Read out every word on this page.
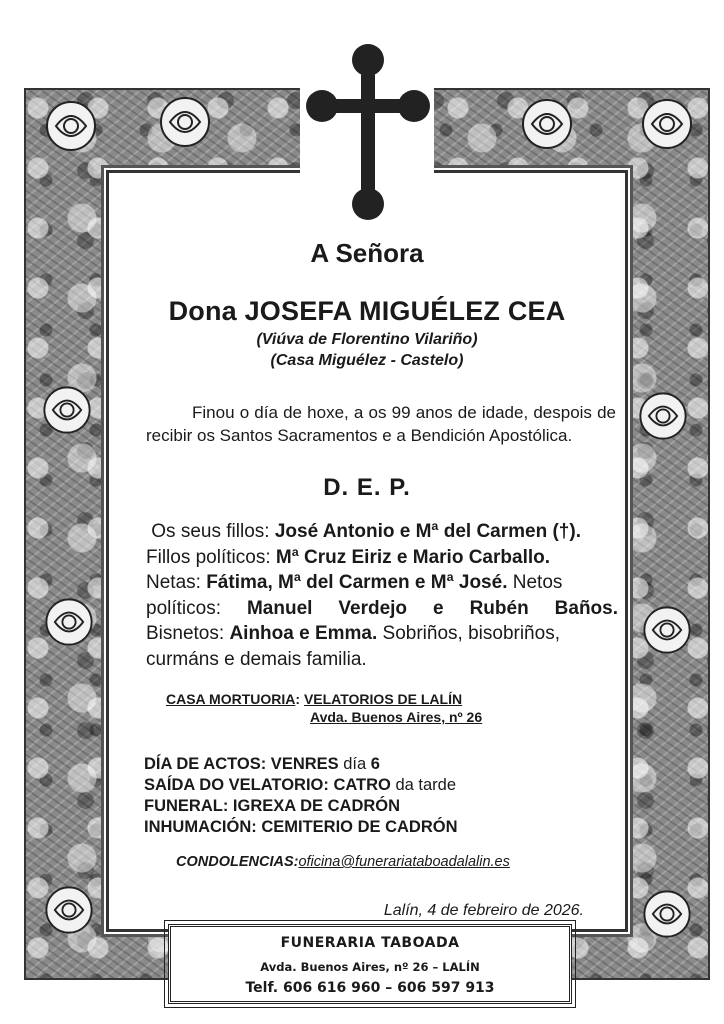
A Señora
Dona JOSEFA MIGUÉLEZ CEA
(Viúva de Florentino Vilariño)
(Casa Miguélez - Castelo)
Finou o día de hoxe, a os 99 anos de idade, despois de recibir os Santos Sacramentos e a Bendición Apostólica.
D. E. P.
Os seus fillos: José Antonio e Mª del Carmen (†).
Fillos políticos: Mª Cruz Eiriz e Mario Carballo.
Netas: Fátima, Mª del Carmen e Mª José. Netos
políticos: Manuel Verdejo e Rubén Baños.
Bisnetos: Ainhoa e Emma. Sobriños, bisobriños,
curmáns e demais familia.
CASA MORTUORIA: VELATORIOS DE LALÍN
Avda. Buenos Aires, nº 26
DÍA DE ACTOS: VENRES día 6
SAÍDA DO VELATORIO: CATRO da tarde
FUNERAL: IGREXA DE CADRÓN
INHUMACIÓN: CEMITERIO DE CADRÓN
CONDOLENCIAS:oficina@funerariataboadalalin.es
Lalín, 4 de febreiro de 2026.
FUNERARIA TABOADA
Avda. Buenos Aires, nº 26 – LALÍN
Telf. 606 616 960 – 606 597 913
